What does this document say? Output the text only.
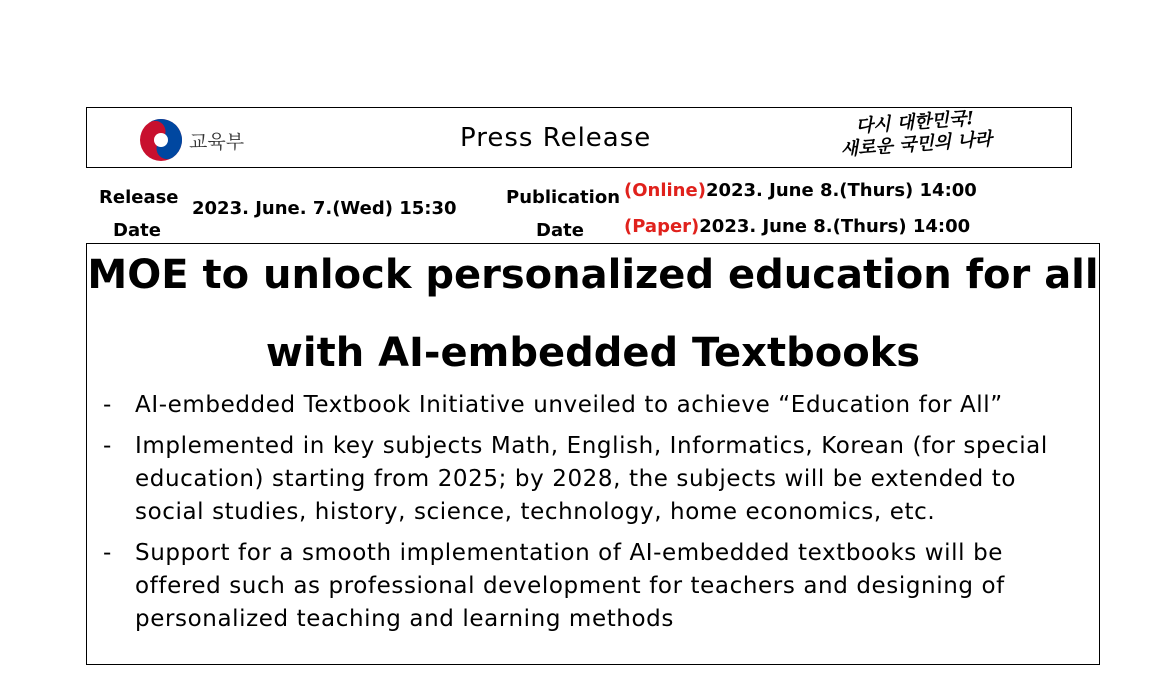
교육부	Press Release
다시 대한민국!
새로운 국민의 나라
Release
Date
2023. June. 7.(Wed) 15:30
Publication
Date
(Online)2023. June 8.(Thurs) 14:00
(Paper)2023. June 8.(Thurs) 14:00
MOE to unlock personalized education for all
with AI-embedded Textbooks
- AI-embedded Textbook Initiative unveiled to achieve “Education for All”
- Implemented in key subjects Math, English, Informatics, Korean (for special education) starting from 2025; by 2028, the subjects will be extended to social studies, history, science, technology, home economics, etc.
- Support for a smooth implementation of AI-embedded textbooks will be offered such as professional development for teachers and designing of personalized teaching and learning methods
